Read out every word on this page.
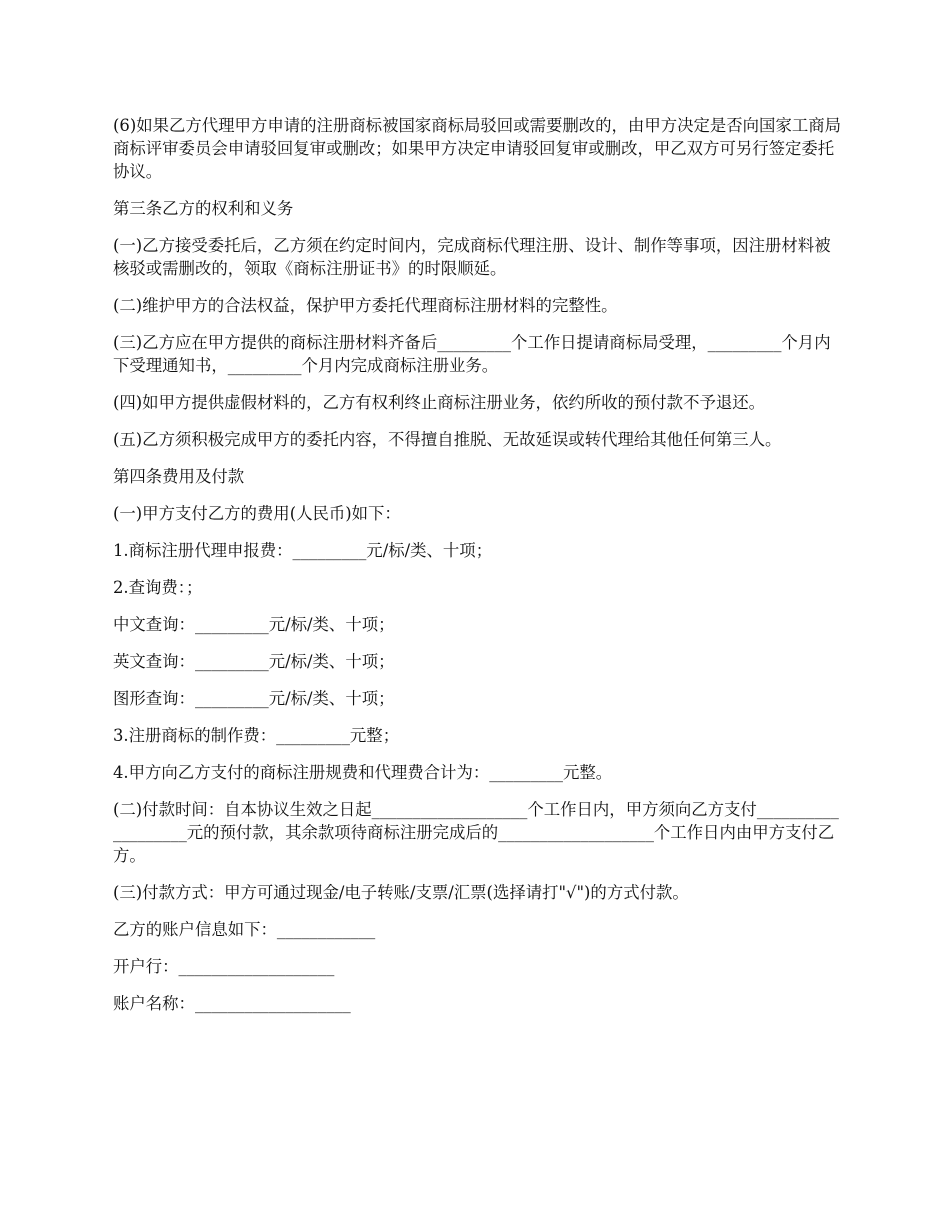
(6)如果乙方代理甲方申请的注册商标被国家商标局驳回或需要删改的，由甲方决定是否向国家工商局商标评审委员会申请驳回复审或删改；如果甲方决定申请驳回复审或删改，甲乙双方可另行签定委托协议。

第三条乙方的权利和义务

(一)乙方接受委托后，乙方须在约定时间内，完成商标代理注册、设计、制作等事项，因注册材料被核驳或需删改的，领取《商标注册证书》的时限顺延。

(二)维护甲方的合法权益，保护甲方委托代理商标注册材料的完整性。

(三)乙方应在甲方提供的商标注册材料齐备后_________个工作日提请商标局受理，_________个月内下受理通知书，_________个月内完成商标注册业务。

(四)如甲方提供虚假材料的，乙方有权利终止商标注册业务，依约所收的预付款不予退还。

(五)乙方须积极完成甲方的委托内容，不得擅自推脱、无故延误或转代理给其他任何第三人。

第四条费用及付款

(一)甲方支付乙方的费用(人民币)如下：

1.商标注册代理申报费：_________元/标/类、十项；

2.查询费：；

中文查询：_________元/标/类、十项；

英文查询：_________元/标/类、十项；

图形查询：_________元/标/类、十项；

3.注册商标的制作费：_________元整；

4.甲方向乙方支付的商标注册规费和代理费合计为：_________元整。

(二)付款时间：自本协议生效之日起___________________个工作日内，甲方须向乙方支付___________________元的预付款，其余款项待商标注册完成后的___________________个工作日内由甲方支付乙方。

(三)付款方式：甲方可通过现金/电子转账/支票/汇票(选择请打"√")的方式付款。

乙方的账户信息如下：____________

开户行：___________________

账户名称：___________________
